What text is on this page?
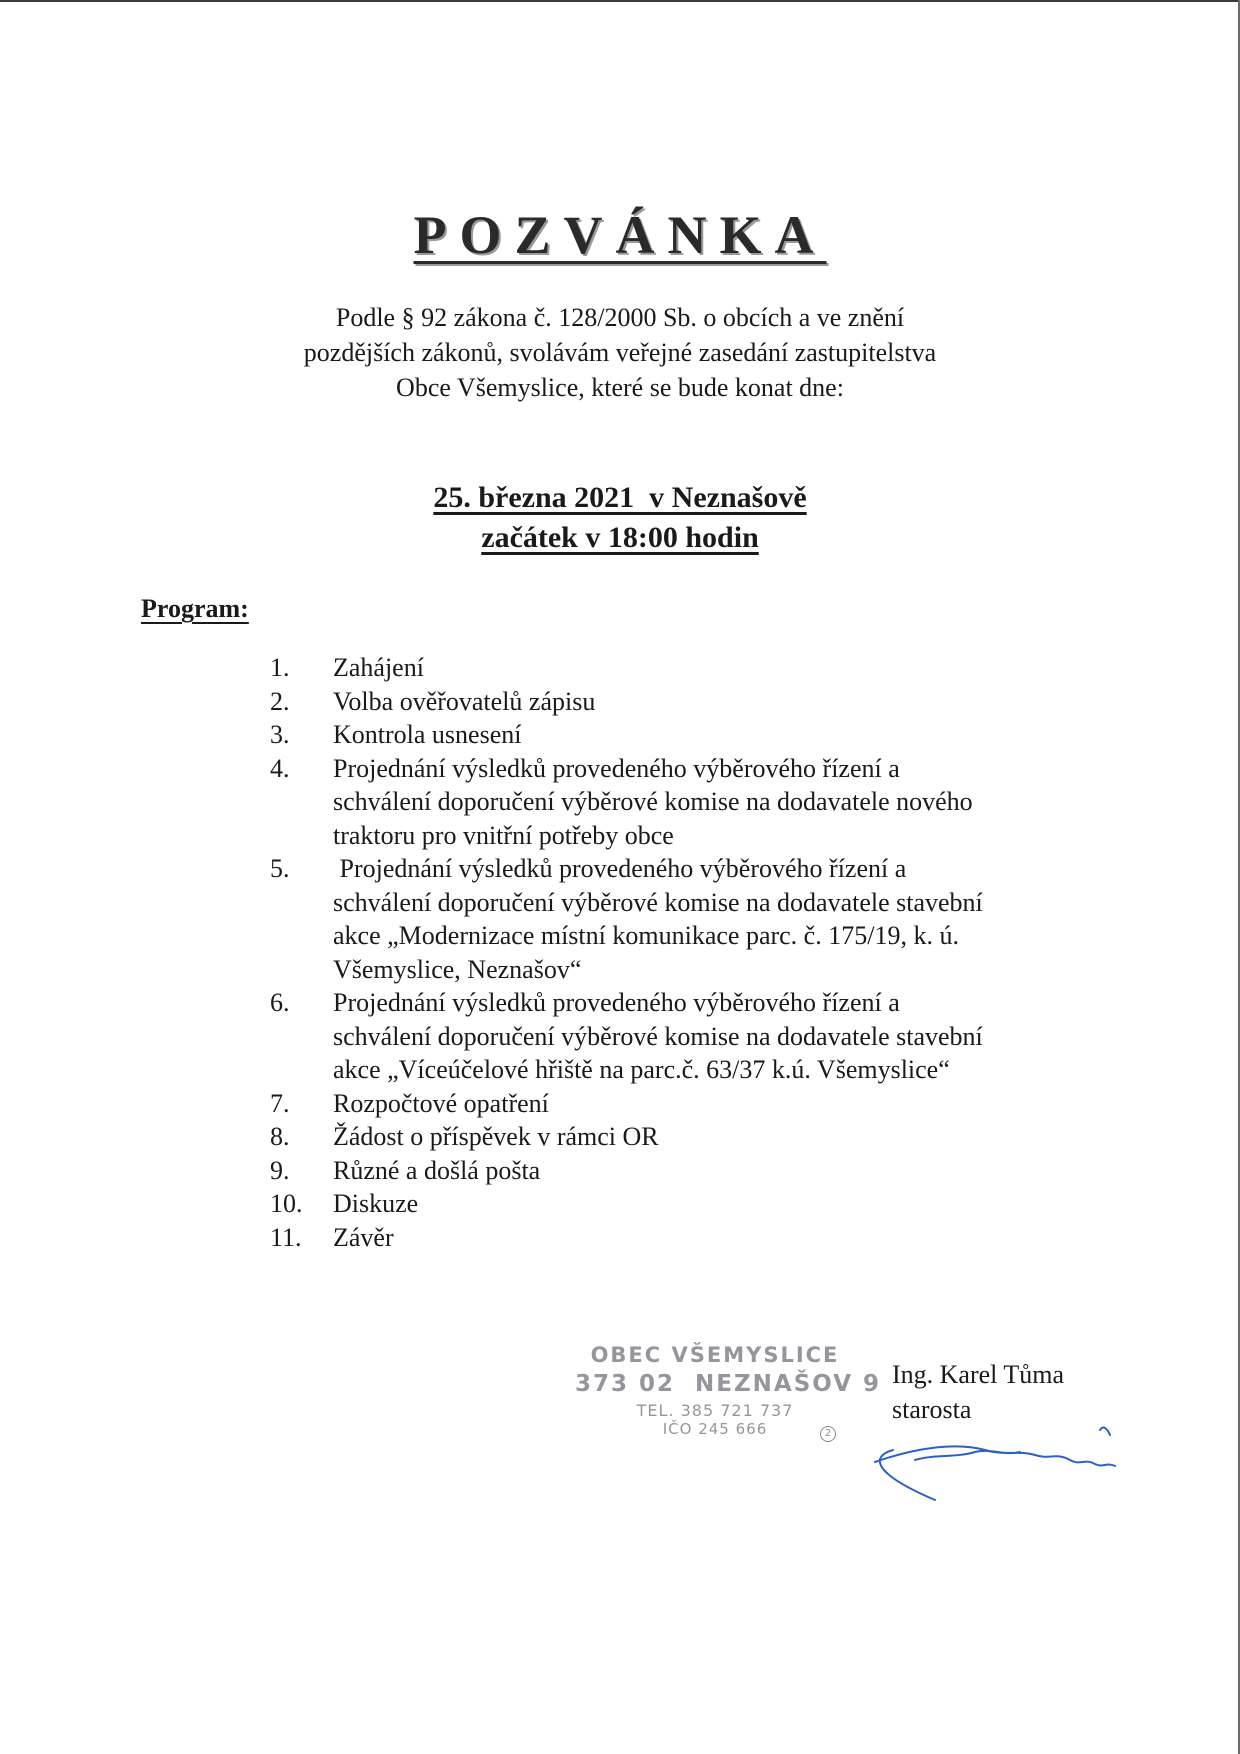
POZVÁNKA
Podle § 92 zákona č. 128/2000 Sb. o obcích a ve znění
pozdějších zákonů, svolávám veřejné zasedání zastupitelstva
Obce Všemyslice, které se bude konat dne:
25. března 2021  v Neznašově
začátek v 18:00 hodin
Program:
1.	Zahájení
2.	Volba ověřovatelů zápisu
3.	Kontrola usnesení
4.	Projednání výsledků provedeného výběrového řízení a
schválení doporučení výběrové komise na dodavatele nového
traktoru pro vnitřní potřeby obce
5.	Projednání výsledků provedeného výběrového řízení a
schválení doporučení výběrové komise na dodavatele stavební
akce „Modernizace místní komunikace parc. č. 175/19, k. ú.
Všemyslice, Neznašov“
6.	Projednání výsledků provedeného výběrového řízení a
schválení doporučení výběrové komise na dodavatele stavební
akce „Víceúčelové hřiště na parc.č. 63/37 k.ú. Všemyslice“
7.	Rozpočtové opatření
8.	Žádost o příspěvek v rámci OR
9.	Různé a došlá pošta
10.	Diskuze
11.	Závěr
OBEC VŠEMYSLICE
373 02  NEZNAŠOV 9
TEL. 385 721 737
IČO 245 666	2
Ing. Karel Tůma
starosta
